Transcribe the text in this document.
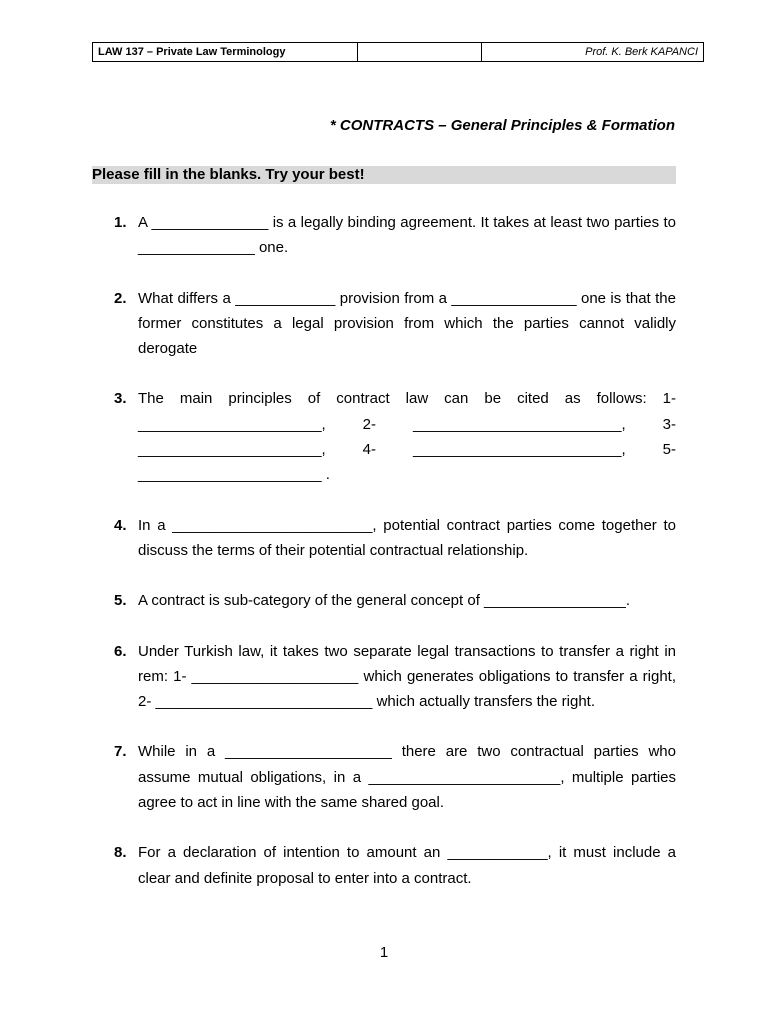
LAW 137 – Private Law Terminology		Prof. K. Berk KAPANCI
* CONTRACTS – General Principles & Formation
Please fill in the blanks. Try your best!
1. A ______________ is a legally binding agreement. It takes at least two parties to ______________ one.
2. What differs a ____________ provision from a _______________ one is that the former constitutes a legal provision from which the parties cannot validly derogate
3. The main principles of contract law can be cited as follows: 1- ______________________, 2- _________________________, 3- ______________________, 4- _________________________, 5- ______________________ .
4. In a ________________________, potential contract parties come together to discuss the terms of their potential contractual relationship.
5. A contract is sub-category of the general concept of _________________.
6. Under Turkish law, it takes two separate legal transactions to transfer a right in rem: 1- ____________________ which generates obligations to transfer a right, 2- __________________________ which actually transfers the right.
7. While in a ____________________ there are two contractual parties who assume mutual obligations, in a _______________________, multiple parties agree to act in line with the same shared goal.
8. For a declaration of intention to amount an ____________, it must include a clear and definite proposal to enter into a contract.
1
